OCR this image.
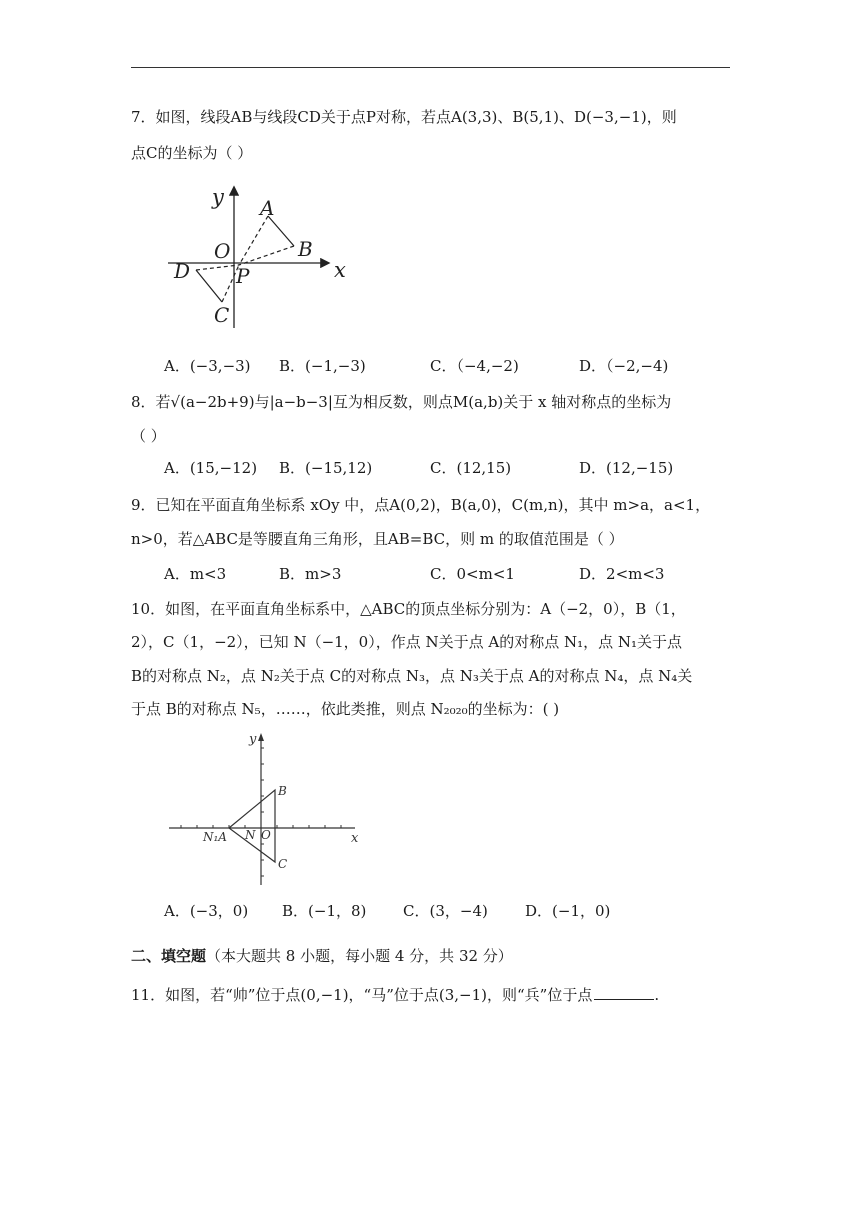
7．如图，线段AB与线段CD关于点P对称，若点A(3,3)、B(5,1)、D(−3,−1)，则
点C的坐标为（ ）
y A
O	B
x
D P
C
A．(−3,−3) B．(−1,−3)	C．（−4,−2)	D．（−2,−4)
8．若√(a−2b+9)与|a−b−3|互为相反数，则点M(a,b)关于 x 轴对称点的坐标为
（ ）
A．(15,−12) B．(−15,12)	C．(12,15)	D．(12,−15)
9．已知在平面直角坐标系 xOy 中，点A(0,2)，B(a,0)，C(m,n)，其中 m>a，a<1，
n>0，若△ABC是等腰直角三角形，且AB=BC，则 m 的取值范围是（ ）
A．m<3	B．m>3	C．0<m<1	D．2<m<3
10．如图，在平面直角坐标系中，△ABC的顶点坐标分别为：A（−2，0），B（1，
2），C（1，−2），已知 N（−1，0），作点 N关于点 A的对称点 N₁，点 N₁关于点
B的对称点 N₂，点 N₂关于点 C的对称点 N₃，点 N₃关于点 A的对称点 N₄，点 N₄关
于点 B的对称点 N₅，……，依此类推，则点 N₂₀₂₀的坐标为：( )
y
B
x
N₁A N O
C
A．(−3，0) B．(−1，8) C．(3，−4) D．(−1，0)
二、填空题（本大题共 8 小题，每小题 4 分，共 32 分）
11．如图，若“帅”位于点(0,−1)，“马”位于点(3,−1)，则“兵”位于点	.
